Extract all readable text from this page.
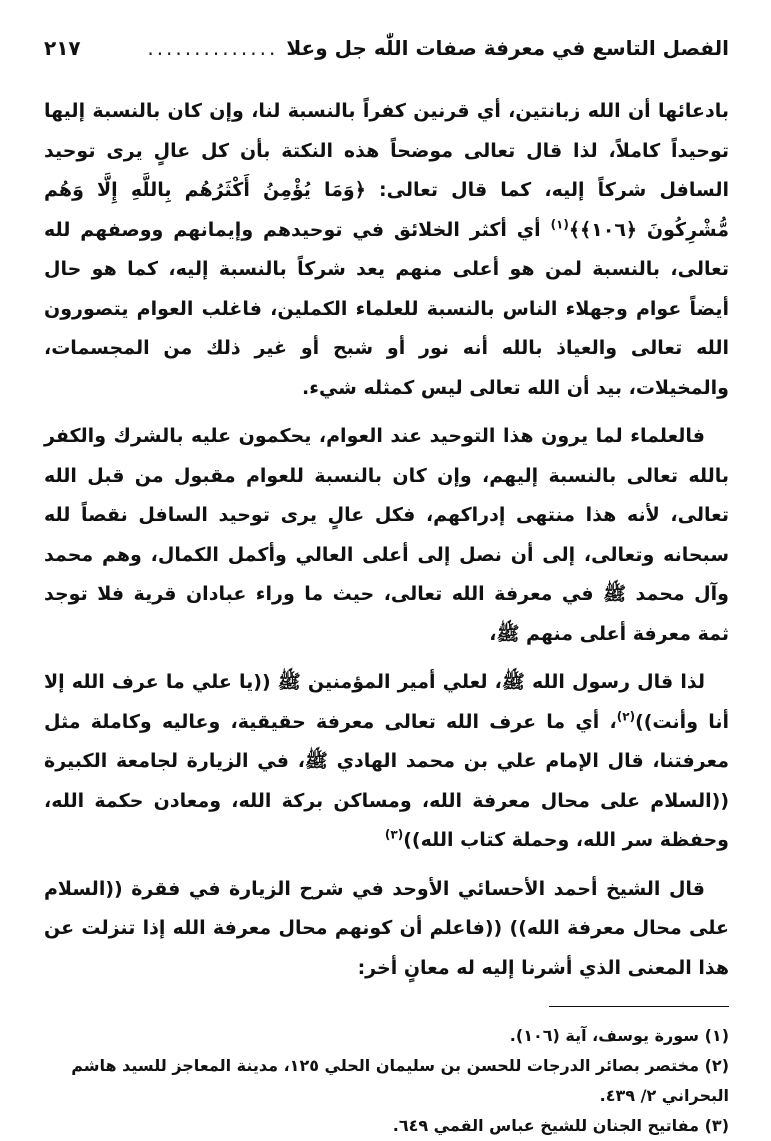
الفصل التاسع في معرفة صفات اللّٰه جل وعلا
..............
٢١٧

بادعائها أن الله زبانتين، أي قرنين كفراً بالنسبة لنا، وإن كان بالنسبة إليها توحيداً كاملاً، لذا قال تعالى موضحاً هذه النكتة بأن كل عالٍ يرى توحيد السافل شركاً إليه، كما قال تعالى: ﴿وَمَا يُؤْمِنُ أَكْثَرُهُم بِاللَّهِ إِلَّا وَهُم مُّشْرِكُونَ ﴿١٠٦﴾﴾$^{(١)}$ أي أكثر الخلائق في توحيدهم وإيمانهم ووصفهم لله تعالى، بالنسبة لمن هو أعلى منهم يعد شركاً بالنسبة إليه، كما هو حال أيضاً عوام وجهلاء الناس بالنسبة للعلماء الكملين، فاغلب العوام يتصورون الله تعالى والعياذ بالله أنه نور أو شبح أو غير ذلك من المجسمات، والمخيلات، بيد أن الله تعالى ليس كمثله شيء.

فالعلماء لما يرون هذا التوحيد عند العوام، يحكمون عليه بالشرك والكفر بالله تعالى بالنسبة إليهم، وإن كان بالنسبة للعوام مقبول من قبل الله تعالى، لأنه هذا منتهى إدراكهم، فكل عالٍ يرى توحيد السافل نقصاً لله سبحانه وتعالى، إلى أن نصل إلى أعلى العالي وأكمل الكمال، وهم محمد وآل محمد ﷺ في معرفة الله تعالى، حيث ما وراء عبادان قرية فلا توجد ثمة معرفة أعلى منهم ﷺ،

لذا قال رسول الله ﷺ، لعلي أمير المؤمنين ﷺ ((يا علي ما عرف الله إلا أنا وأنت))$^{(٢)}$، أي ما عرف الله تعالى معرفة حقيقية، وعاليه وكاملة مثل معرفتنا، قال الإمام علي بن محمد الهادي ﷺ، في الزيارة لجامعة الكبيرة ((السلام على محال معرفة الله، ومساكن بركة الله، ومعادن حكمة الله، وحفظة سر الله، وحملة كتاب الله))$^{(٣)}$

قال الشيخ أحمد الأحسائي الأوحد في شرح الزيارة في فقرة ((السلام على محال معرفة الله)) ((فاعلم أن كونهم محال معرفة الله إذا تنزلت عن هذا المعنى الذي أشرنا إليه له معانٍ أخر:

(١) سورة يوسف، آية (١٠٦).

(٢) مختصر بصائر الدرجات للحسن بن سليمان الحلي ١٢٥، مدينة المعاجز للسيد هاشم البحراني ٢/ ٤٣٩.

(٣) مفاتيح الجنان للشيخ عباس القمي ٦٤٩.
